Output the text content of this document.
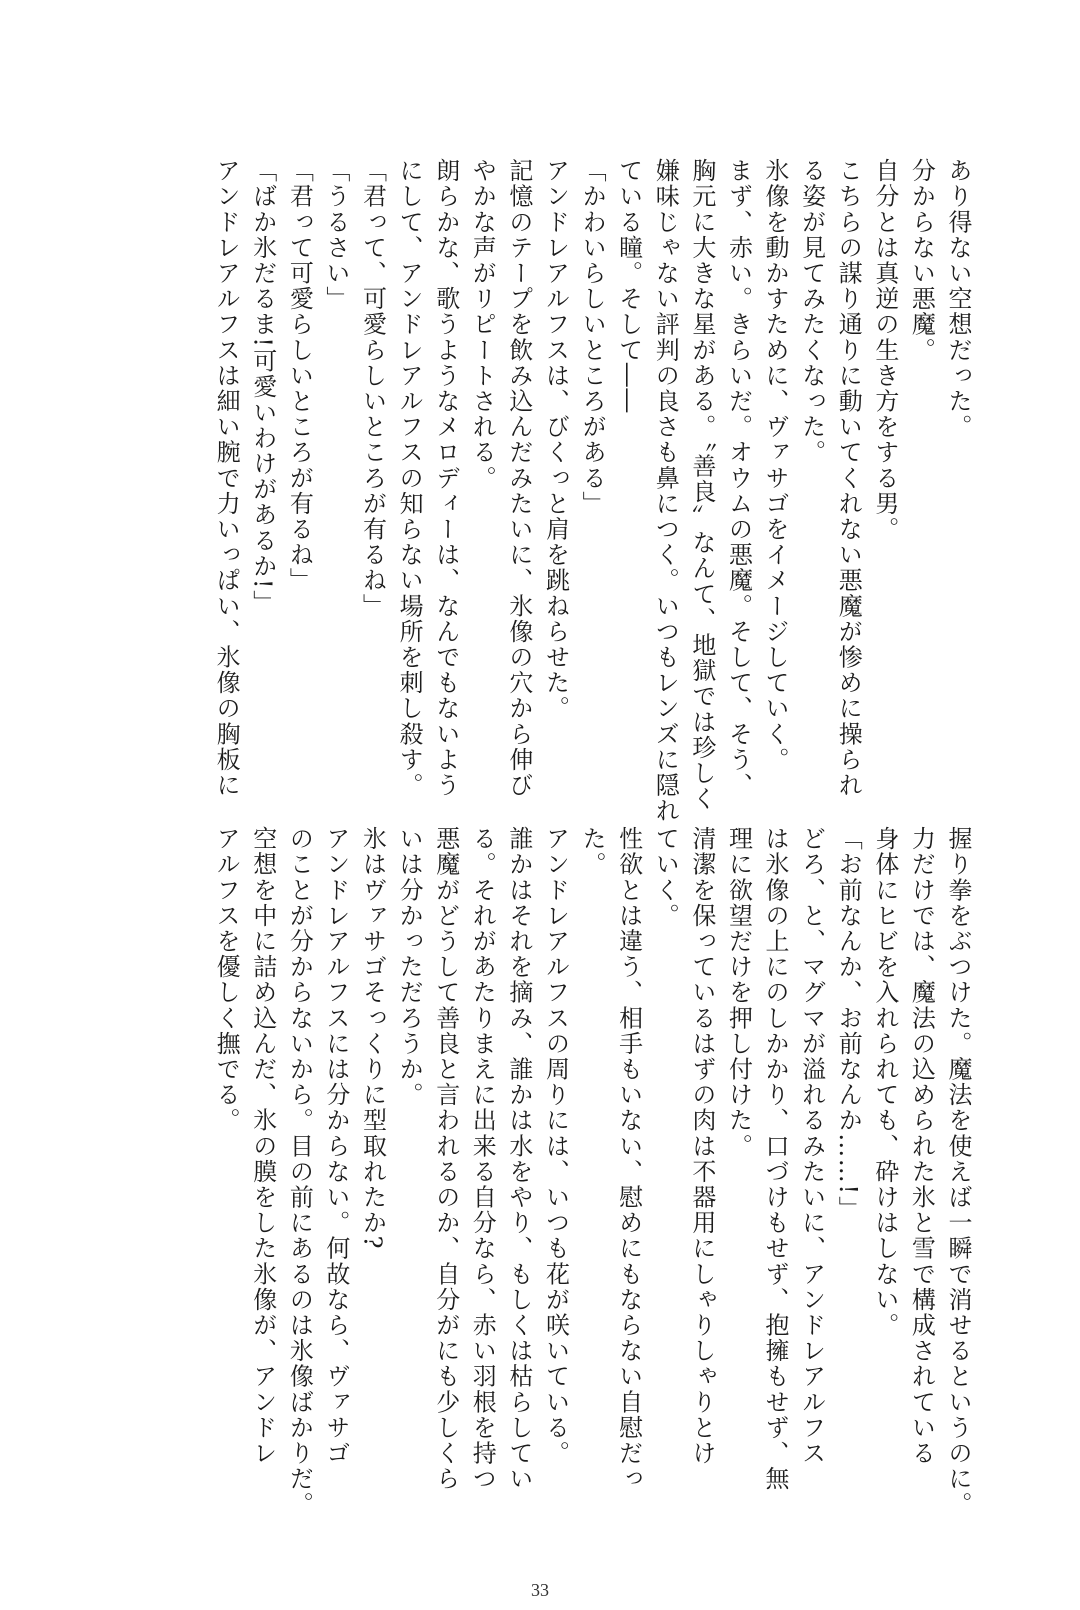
あり得ない空想だった。

分からない悪魔。

自分とは真逆の生き方をする男。

こちらの謀り通りに動いてくれない悪魔が惨めに操られ

る姿が見てみたくなった。

氷像を動かすために、ヴァサゴをイメージしていく。

まず、赤い。きらいだ。オウムの悪魔。そして、そう、

胸元に大きな星がある。〝善良〟なんて、地獄では珍しく

嫌味じゃない評判の良さも鼻につく。いつもレンズに隠れ

ている瞳。そして――

「かわいらしいところがある」

アンドレアルフスは、びくっと肩を跳ねらせた。

記憶のテープを飲み込んだみたいに、氷像の穴から伸び

やかな声がリピートされる。

朗らかな、歌うようなメロディーは、なんでもないよう

にして、アンドレアルフスの知らない場所を刺し殺す。

「君って、可愛らしいところが有るね」

「うるさい」

「君って可愛らしいところが有るね」

「ばか氷だるま!可愛いわけがあるか!」

アンドレアルフスは細い腕で力いっぱい、氷像の胸板に

握り拳をぶつけた。魔法を使えば一瞬で消せるというのに。

力だけでは、魔法の込められた氷と雪で構成されている

身体にヒビを入れられても、砕けはしない。

「お前なんか、お前なんか……!」

どろ、と、マグマが溢れるみたいに、アンドレアルフス

は氷像の上にのしかかり、口づけもせず、抱擁もせず、無

理に欲望だけを押し付けた。

清潔を保っているはずの肉は不器用にしゃりしゃりとけ

ていく。

性欲とは違う、相手もいない、慰めにもならない自慰だっ

た。

アンドレアルフスの周りには、いつも花が咲いている。

誰かはそれを摘み、誰かは水をやり、もしくは枯らしてい

る。それがあたりまえに出来る自分なら、赤い羽根を持つ

悪魔がどうして善良と言われるのか、自分がにも少しくら

いは分かっただろうか。

氷はヴァサゴそっくりに型取れたか?

アンドレアルフスには分からない。何故なら、ヴァサゴ

のことが分からないから。目の前にあるのは氷像ばかりだ。

空想を中に詰め込んだ、氷の膜をした氷像が、アンドレ

アルフスを優しく撫でる。

33
